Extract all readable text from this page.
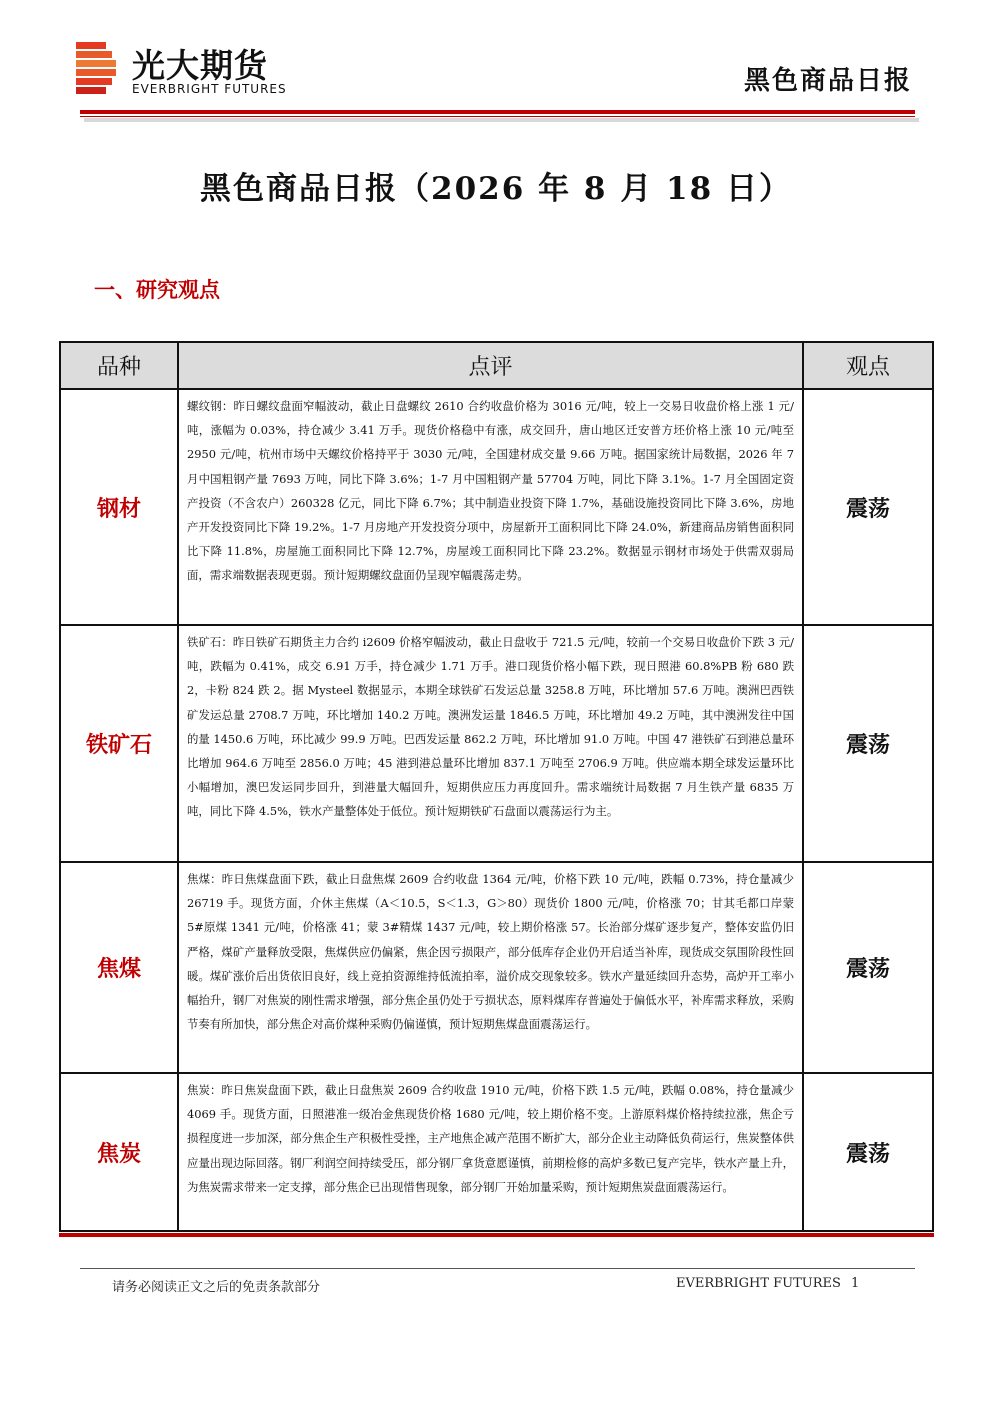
光大期货
EVERBRIGHT FUTURES	黑色商品日报
黑色商品日报（2026 年 8 月 18 日）
一、研究观点
品种	点评	观点
钢材	螺纹钢：昨日螺纹盘面窄幅波动，截止日盘螺纹 2610 合约收盘价格为 3016 元/吨，较上一交易日收盘价格上涨 1 元/吨，涨幅为 0.03%，持仓减少 3.41 万手。现货价格稳中有涨，成交回升，唐山地区迁安普方坯价格上涨 10 元/吨至 2950 元/吨，杭州市场中天螺纹价格持平于 3030 元/吨，全国建材成交量 9.66 万吨。据国家统计局数据，2026 年 7 月中国粗钢产量 7693 万吨，同比下降 3.6%；1-7 月中国粗钢产量 57704 万吨，同比下降 3.1%。1-7 月全国固定资产投资（不含农户）260328 亿元，同比下降 6.7%；其中制造业投资下降 1.7%，基础设施投资同比下降 3.6%，房地产开发投资同比下降 19.2%。1-7 月房地产开发投资分项中，房屋新开工面积同比下降 24.0%，新建商品房销售面积同比下降 11.8%，房屋施工面积同比下降 12.7%，房屋竣工面积同比下降 23.2%。数据显示钢材市场处于供需双弱局面，需求端数据表现更弱。预计短期螺纹盘面仍呈现窄幅震荡走势。	震荡
铁矿石	铁矿石：昨日铁矿石期货主力合约 i2609 价格窄幅波动，截止日盘收于 721.5 元/吨，较前一个交易日收盘价下跌 3 元/吨，跌幅为 0.41%，成交 6.91 万手，持仓减少 1.71 万手。港口现货价格小幅下跌，现日照港 60.8%PB 粉 680 跌 2，卡粉 824 跌 2。据 Mysteel 数据显示，本期全球铁矿石发运总量 3258.8 万吨，环比增加 57.6 万吨。澳洲巴西铁矿发运总量 2708.7 万吨，环比增加 140.2 万吨。澳洲发运量 1846.5 万吨，环比增加 49.2 万吨，其中澳洲发往中国的量 1450.6 万吨，环比减少 99.9 万吨。巴西发运量 862.2 万吨，环比增加 91.0 万吨。中国 47 港铁矿石到港总量环比增加 964.6 万吨至 2856.0 万吨；45 港到港总量环比增加 837.1 万吨至 2706.9 万吨。供应端本期全球发运量环比小幅增加，澳巴发运同步回升，到港量大幅回升，短期供应压力再度回升。需求端统计局数据 7 月生铁产量 6835 万吨，同比下降 4.5%，铁水产量整体处于低位。预计短期铁矿石盘面以震荡运行为主。	震荡
焦煤	焦煤：昨日焦煤盘面下跌，截止日盘焦煤 2609 合约收盘 1364 元/吨，价格下跌 10 元/吨，跌幅 0.73%，持仓量减少 26719 手。现货方面，介休主焦煤（A＜10.5，S＜1.3，G＞80）现货价 1800 元/吨，价格涨 70；甘其毛都口岸蒙 5#原煤 1341 元/吨，价格涨 41；蒙 3#精煤 1437 元/吨，较上期价格涨 57。长治部分煤矿逐步复产，整体安监仍旧严格，煤矿产量释放受限，焦煤供应仍偏紧，焦企因亏损限产，部分低库存企业仍开启适当补库，现货成交氛围阶段性回暖。煤矿涨价后出货依旧良好，线上竞拍资源维持低流拍率，溢价成交现象较多。铁水产量延续回升态势，高炉开工率小幅抬升，钢厂对焦炭的刚性需求增强，部分焦企虽仍处于亏损状态，原料煤库存普遍处于偏低水平，补库需求释放，采购节奏有所加快，部分焦企对高价煤种采购仍偏谨慎，预计短期焦煤盘面震荡运行。	震荡
焦炭	焦炭：昨日焦炭盘面下跌，截止日盘焦炭 2609 合约收盘 1910 元/吨，价格下跌 1.5 元/吨，跌幅 0.08%，持仓量减少 4069 手。现货方面，日照港准一级冶金焦现货价格 1680 元/吨，较上期价格不变。上游原料煤价格持续拉涨，焦企亏损程度进一步加深，部分焦企生产积极性受挫，主产地焦企减产范围不断扩大，部分企业主动降低负荷运行，焦炭整体供应量出现边际回落。钢厂利润空间持续受压，部分钢厂拿货意愿谨慎，前期检修的高炉多数已复产完毕，铁水产量上升，为焦炭需求带来一定支撑，部分焦企已出现惜售现象，部分钢厂开始加量采购，预计短期焦炭盘面震荡运行。	震荡
请务必阅读正文之后的免责条款部分	EVERBRIGHT FUTURES 1
